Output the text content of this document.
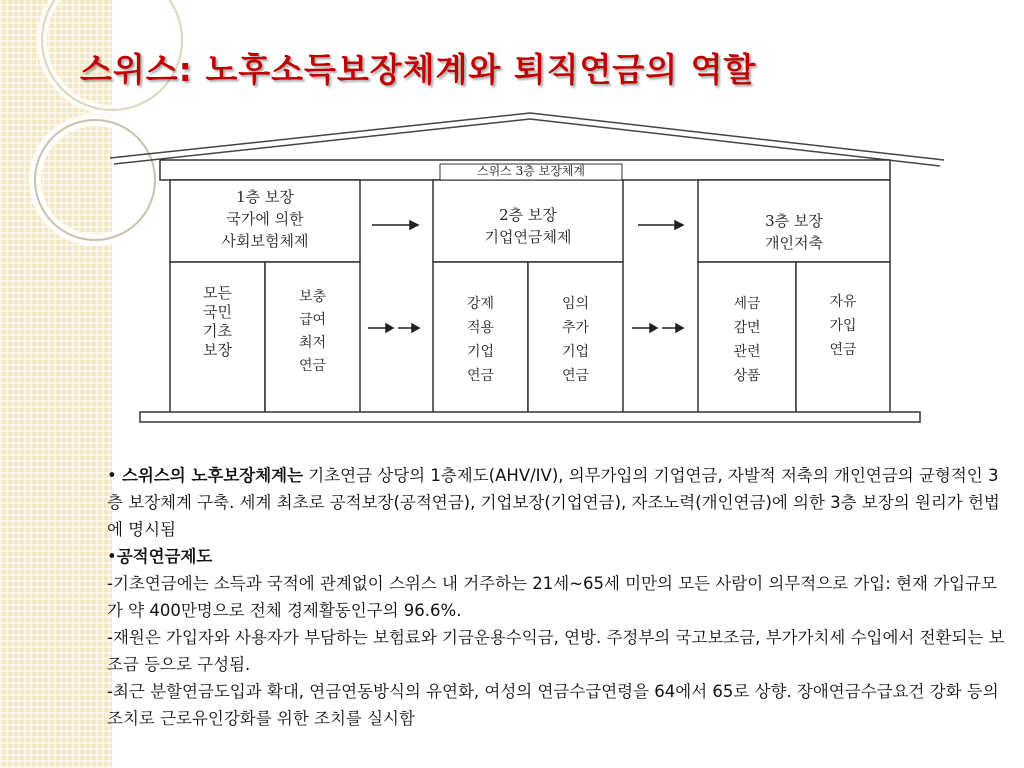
스위스: 노후소득보장체계와 퇴직연금의 역할
스위스 3층 보장체계
1층 보장
국가에 의한
사회보험체제
모든
국민
기초
보장
보충
급여
최저
연금
2층 보장
기업연금체제
강제
적용
기업
연금
임의
추가
기업
연금
3층 보장
개인저축
세금
감면
관련
상품
자유
가입
연금

• 스위스의 노후보장체계는 기초연금 상당의 1층제도(AHV/IV), 의무가입의 기업연금, 자발적 저축의 개인연금의 균형적인 3층 보장체계 구축. 세계 최초로 공적보장(공적연금), 기업보장(기업연금), 자조노력(개인연금)에 의한 3층 보장의 원리가 헌법에 명시됨

•공적연금제도

-기초연금에는 소득과 국적에 관계없이 스위스 내 거주하는 21세~65세 미만의 모든 사람이 의무적으로 가입: 현재 가입규모가 약 400만명으로 전체 경제활동인구의 96.6%.

-재원은 가입자와 사용자가 부담하는 보험료와 기금운용수익금, 연방. 주정부의 국고보조금, 부가가치세 수입에서 전환되는 보조금 등으로 구성됨.

-최근 분할연금도입과 확대, 연금연동방식의 유연화, 여성의 연금수급연령을 64에서 65로 상향. 장애연금수급요건 강화 등의 조치로 근로유인강화를 위한 조치를 실시함
